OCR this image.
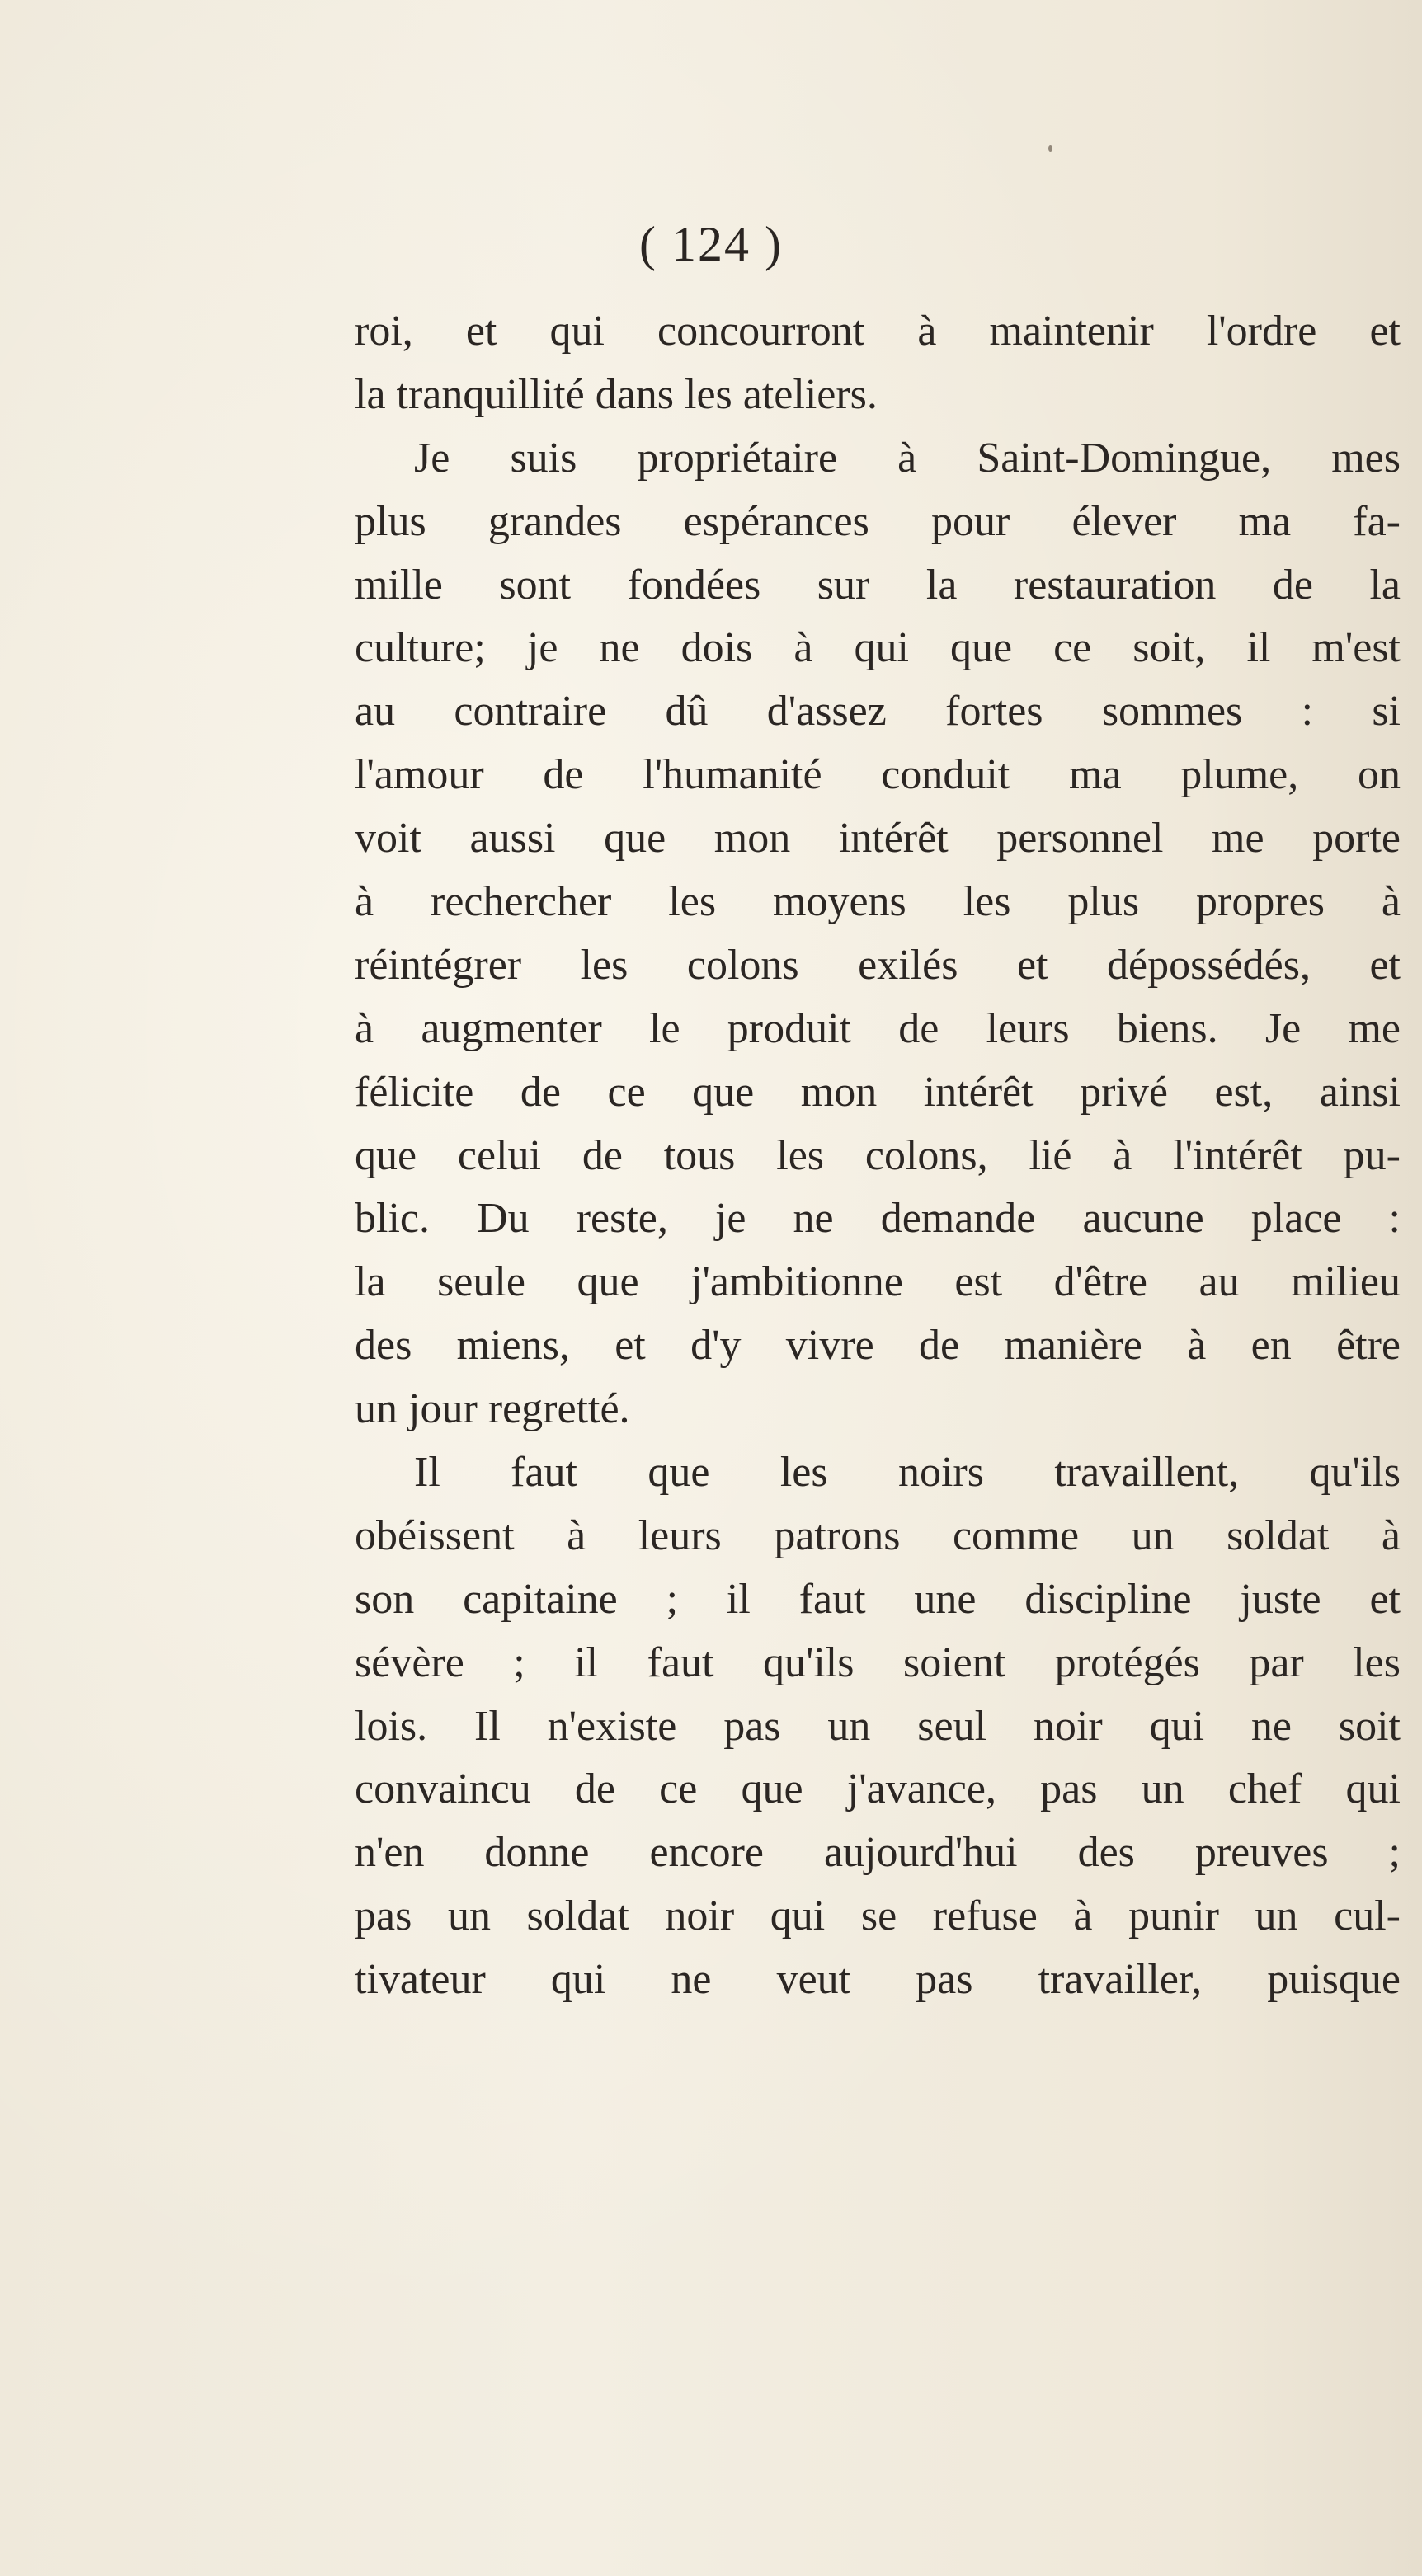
( 124 )
roi, et qui concourront à maintenir l'ordre et
la tranquillité dans les ateliers.
Je suis propriétaire à Saint-Domingue, mes
plus grandes espérances pour élever ma fa-
mille sont fondées sur la restauration de la
culture; je ne dois à qui que ce soit, il m'est
au contraire dû d'assez fortes sommes : si
l'amour de l'humanité conduit ma plume, on
voit aussi que mon intérêt personnel me porte
à rechercher les moyens les plus propres à
réintégrer les colons exilés et dépossédés, et
à augmenter le produit de leurs biens. Je me
félicite de ce que mon intérêt privé est, ainsi
que celui de tous les colons, lié à l'intérêt pu-
blic. Du reste, je ne demande aucune place :
la seule que j'ambitionne est d'être au milieu
des miens, et d'y vivre de manière à en être
un jour regretté.
Il faut que les noirs travaillent, qu'ils
obéissent à leurs patrons comme un soldat à
son capitaine ; il faut une discipline juste et
sévère ; il faut qu'ils soient protégés par les
lois. Il n'existe pas un seul noir qui ne soit
convaincu de ce que j'avance, pas un chef qui
n'en donne encore aujourd'hui des preuves ;
pas un soldat noir qui se refuse à punir un cul-
tivateur qui ne veut pas travailler, puisque
